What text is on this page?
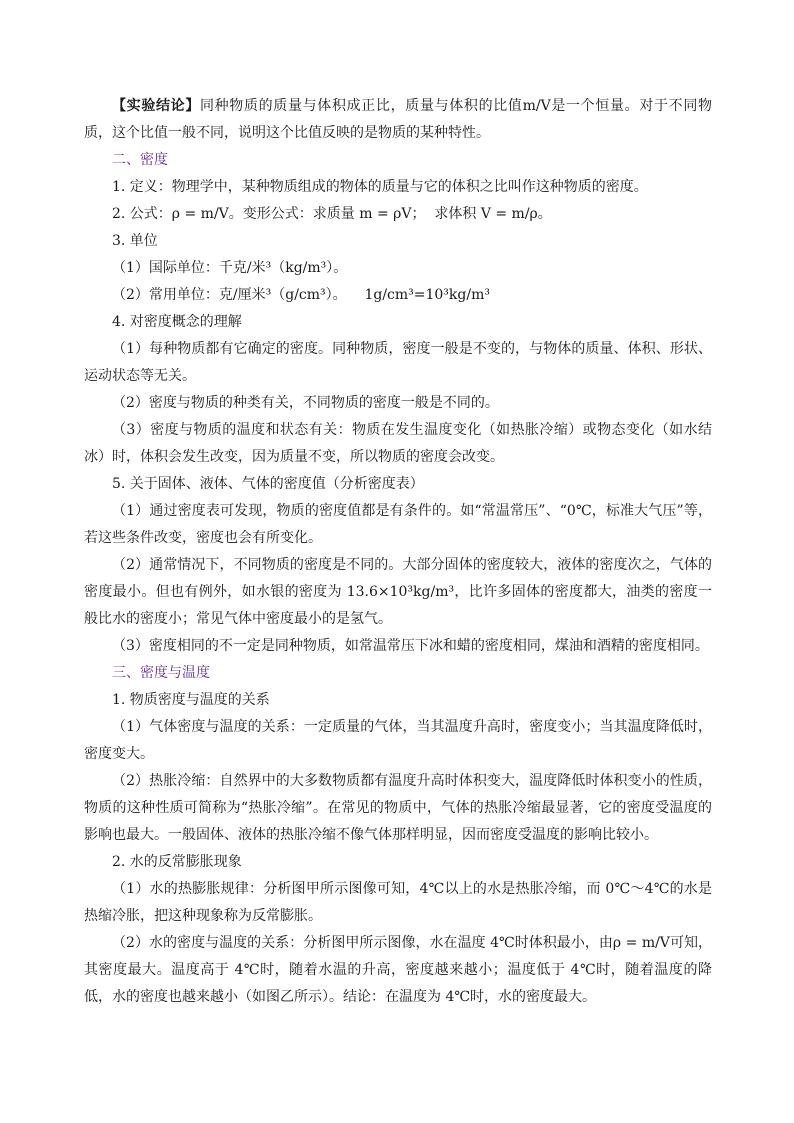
【实验结论】同种物质的质量与体积成正比，质量与体积的比值m/V是一个恒量。对于不同物质，这个比值一般不同，说明这个比值反映的是物质的某种特性。

二、密度

1. 定义：物理学中，某种物质组成的物体的质量与它的体积之比叫作这种物质的密度。

2. 公式：ρ = m/V。变形公式：求质量 m = ρV；  求体积 V = m/ρ。

3. 单位

（1）国际单位：千克/米³（kg/m³）。

（2）常用单位：克/厘米³（g/cm³）。    1g/cm³=10³kg/m³

4. 对密度概念的理解

（1）每种物质都有它确定的密度。同种物质，密度一般是不变的，与物体的质量、体积、形状、运动状态等无关。

（2）密度与物质的种类有关，不同物质的密度一般是不同的。

（3）密度与物质的温度和状态有关：物质在发生温度变化（如热胀冷缩）或物态变化（如水结冰）时，体积会发生改变，因为质量不变，所以物质的密度会改变。

5. 关于固体、液体、气体的密度值（分析密度表）

（1）通过密度表可发现，物质的密度值都是有条件的。如“常温常压”、“0℃，标准大气压”等，若这些条件改变，密度也会有所变化。

（2）通常情况下，不同物质的密度是不同的。大部分固体的密度较大，液体的密度次之，气体的密度最小。但也有例外，如水银的密度为 13.6×10³kg/m³，比许多固体的密度都大，油类的密度一般比水的密度小；常见气体中密度最小的是氢气。

（3）密度相同的不一定是同种物质，如常温常压下冰和蜡的密度相同，煤油和酒精的密度相同。

三、密度与温度

1. 物质密度与温度的关系

（1）气体密度与温度的关系：一定质量的气体，当其温度升高时，密度变小；当其温度降低时，密度变大。

（2）热胀冷缩：自然界中的大多数物质都有温度升高时体积变大，温度降低时体积变小的性质，物质的这种性质可简称为“热胀冷缩”。在常见的物质中，气体的热胀冷缩最显著，它的密度受温度的影响也最大。一般固体、液体的热胀冷缩不像气体那样明显，因而密度受温度的影响比较小。

2. 水的反常膨胀现象

（1）水的热膨胀规律：分析图甲所示图像可知，4℃以上的水是热胀冷缩，而 0℃～4℃的水是热缩冷胀，把这种现象称为反常膨胀。

（2）水的密度与温度的关系：分析图甲所示图像，水在温度 4℃时体积最小，由ρ = m/V可知，其密度最大。温度高于 4℃时，随着水温的升高，密度越来越小；温度低于 4℃时，随着温度的降低，水的密度也越来越小（如图乙所示）。结论：在温度为 4℃时，水的密度最大。
